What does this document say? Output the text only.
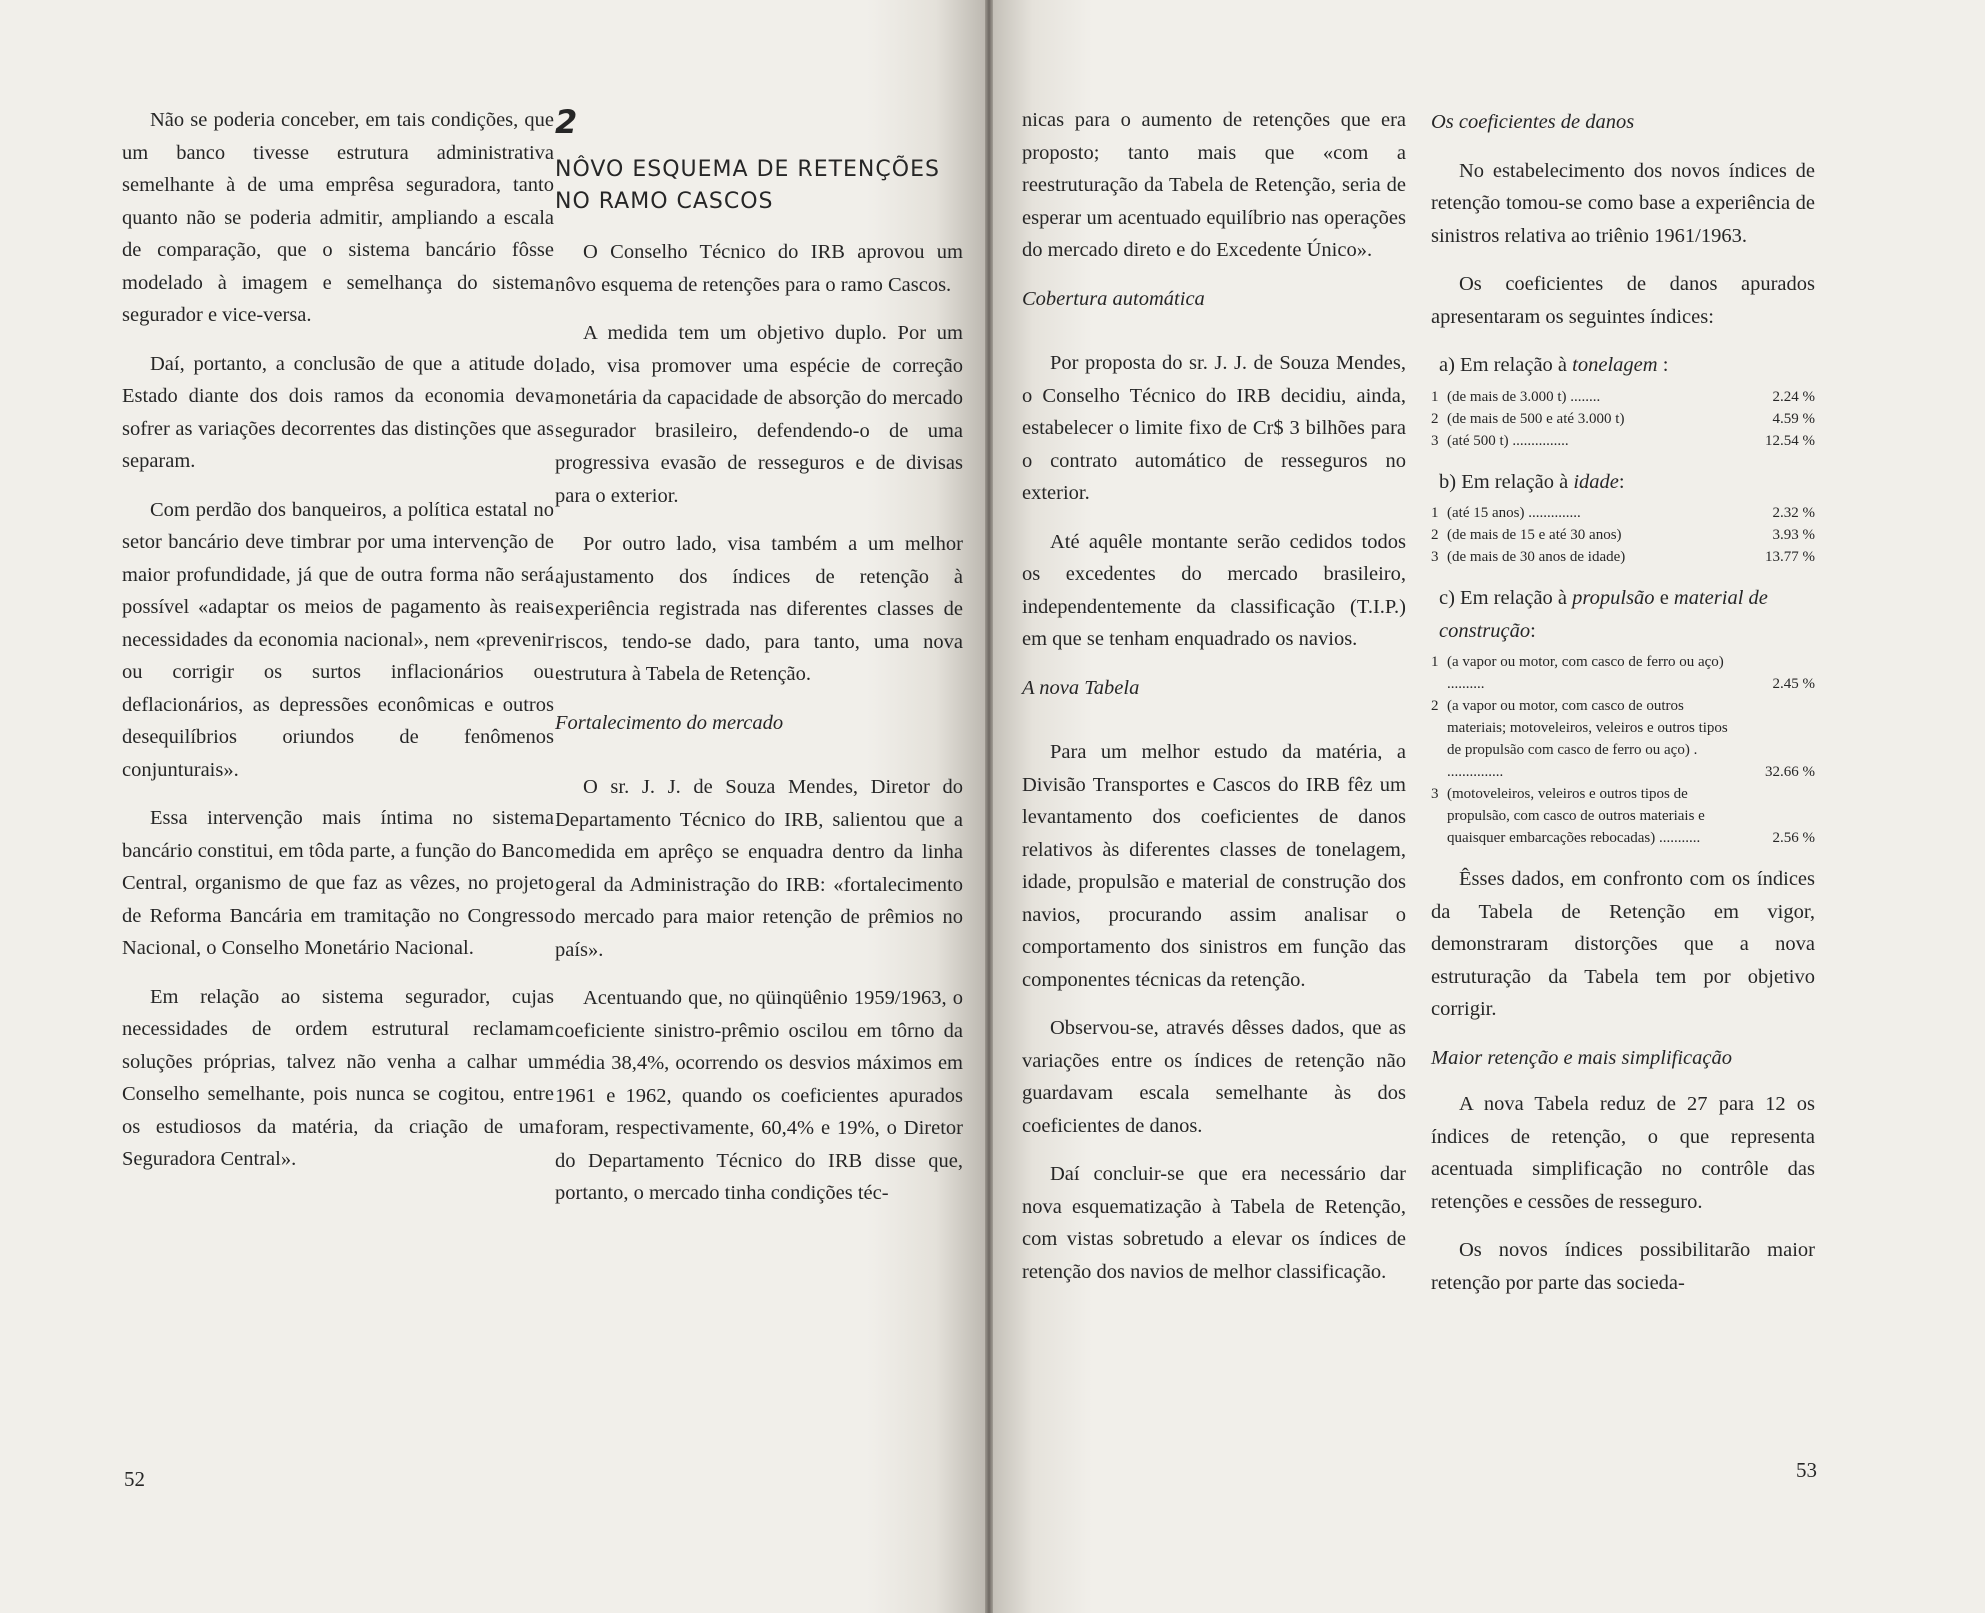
Não se poderia conceber, em tais condições, que um banco tivesse estrutura administrativa semelhante à de uma emprêsa seguradora, tanto quanto não se poderia admitir, ampliando a escala de comparação, que o sistema bancário fôsse modelado à imagem e semelhança do sistema segurador e vice-versa.

Daí, portanto, a conclusão de que a atitude do Estado diante dos dois ramos da economia deva sofrer as variações decorrentes das distinções que as separam.

Com perdão dos banqueiros, a política estatal no setor bancário deve timbrar por uma intervenção de maior profundidade, já que de outra forma não será possível «adaptar os meios de pagamento às reais necessidades da economia nacional», nem «prevenir ou corrigir os surtos inflacionários ou deflacionários, as depressões econômicas e outros desequilíbrios oriundos de fenômenos conjunturais».

Essa intervenção mais íntima no sistema bancário constitui, em tôda parte, a função do Banco Central, organismo de que faz as vêzes, no projeto de Reforma Bancária em tramitação no Congresso Nacional, o Conselho Monetário Nacional.

Em relação ao sistema segurador, cujas necessidades de ordem estrutural reclamam soluções próprias, talvez não venha a calhar um Conselho semelhante, pois nunca se cogitou, entre os estudiosos da matéria, da criação de uma Seguradora Central».

2
NÔVO ESQUEMA DE RETENÇÕES NO RAMO CASCOS

O Conselho Técnico do IRB aprovou um nôvo esquema de retenções para o ramo Cascos.

A medida tem um objetivo duplo. Por um lado, visa promover uma espécie de correção monetária da capacidade de absorção do mercado segurador brasileiro, defendendo-o de uma progressiva evasão de resseguros e de divisas para o exterior.

Por outro lado, visa também a um melhor ajustamento dos índices de retenção à experiência registrada nas diferentes classes de riscos, tendo-se dado, para tanto, uma nova estrutura à Tabela de Retenção.

Fortalecimento do mercado

O sr. J. J. de Souza Mendes, Diretor do Departamento Técnico do IRB, salientou que a medida em aprêço se enquadra dentro da linha geral da Administração do IRB: «fortalecimento do mercado para maior retenção de prêmios no país».

Acentuando que, no qüinqüênio 1959/1963, o coeficiente sinistro-prêmio oscilou em tôrno da média 38,4%, ocorrendo os desvios máximos em 1961 e 1962, quando os coeficientes apurados foram, respectivamente, 60,4% e 19%, o Diretor do Departamento Técnico do IRB disse que, portanto, o mercado tinha condições téc-

52

nicas para o aumento de retenções que era proposto; tanto mais que «com a reestruturação da Tabela de Retenção, seria de esperar um acentuado equilíbrio nas operações do mercado direto e do Excedente Único».

Cobertura automática

Por proposta do sr. J. J. de Souza Mendes, o Conselho Técnico do IRB decidiu, ainda, estabelecer o limite fixo de Cr$ 3 bilhões para o contrato automático de resseguros no exterior.

Até aquêle montante serão cedidos todos os excedentes do mercado brasileiro, independentemente da classificação (T.I.P.) em que se tenham enquadrado os navios.

A nova Tabela

Para um melhor estudo da matéria, a Divisão Transportes e Cascos do IRB fêz um levantamento dos coeficientes de danos relativos às diferentes classes de tonelagem, idade, propulsão e material de construção dos navios, procurando assim analisar o comportamento dos sinistros em função das componentes técnicas da retenção.

Observou-se, através dêsses dados, que as variações entre os índices de retenção não guardavam escala semelhante às dos coeficientes de danos.

Daí concluir-se que era necessário dar nova esquematização à Tabela de Retenção, com vistas sobretudo a elevar os índices de retenção dos navios de melhor classificação.

Os coeficientes de danos

No estabelecimento dos novos índices de retenção tomou-se como base a experiência de sinistros relativa ao triênio 1961/1963.

Os coeficientes de danos apurados apresentaram os seguintes índices:

a) Em relação à tonelagem :
1	(de mais de 3.000 t) ........	2.24 %
2	(de mais de 500 e até 3.000 t)	4.59 %
3	(até 500 t) ...............	12.54 %
b) Em relação à idade:
1	(até 15 anos) ..............	2.32 %
2	(de mais de 15 e até 30 anos)	3.93 %
3	(de mais de 30 anos de idade)	13.77 %
c) Em relação à propulsão e material de construção:
1	(a vapor ou motor, com casco de ferro ou aço) ..........	2.45 %
2	(a vapor ou motor, com casco de outros materiais; motoveleiros, veleiros e outros tipos de propulsão com casco de ferro ou aço) . ...............	32.66 %
3	(motoveleiros, veleiros e outros tipos de propulsão, com casco de outros materiais e quaisquer embarcações rebocadas) ...........	2.56 %

Êsses dados, em confronto com os índices da Tabela de Retenção em vigor, demonstraram distorções que a nova estruturação da Tabela tem por objetivo corrigir.

Maior retenção e mais simplificação

A nova Tabela reduz de 27 para 12 os índices de retenção, o que representa acentuada simplificação no contrôle das retenções e cessões de resseguro.

Os novos índices possibilitarão maior retenção por parte das socieda-

53
